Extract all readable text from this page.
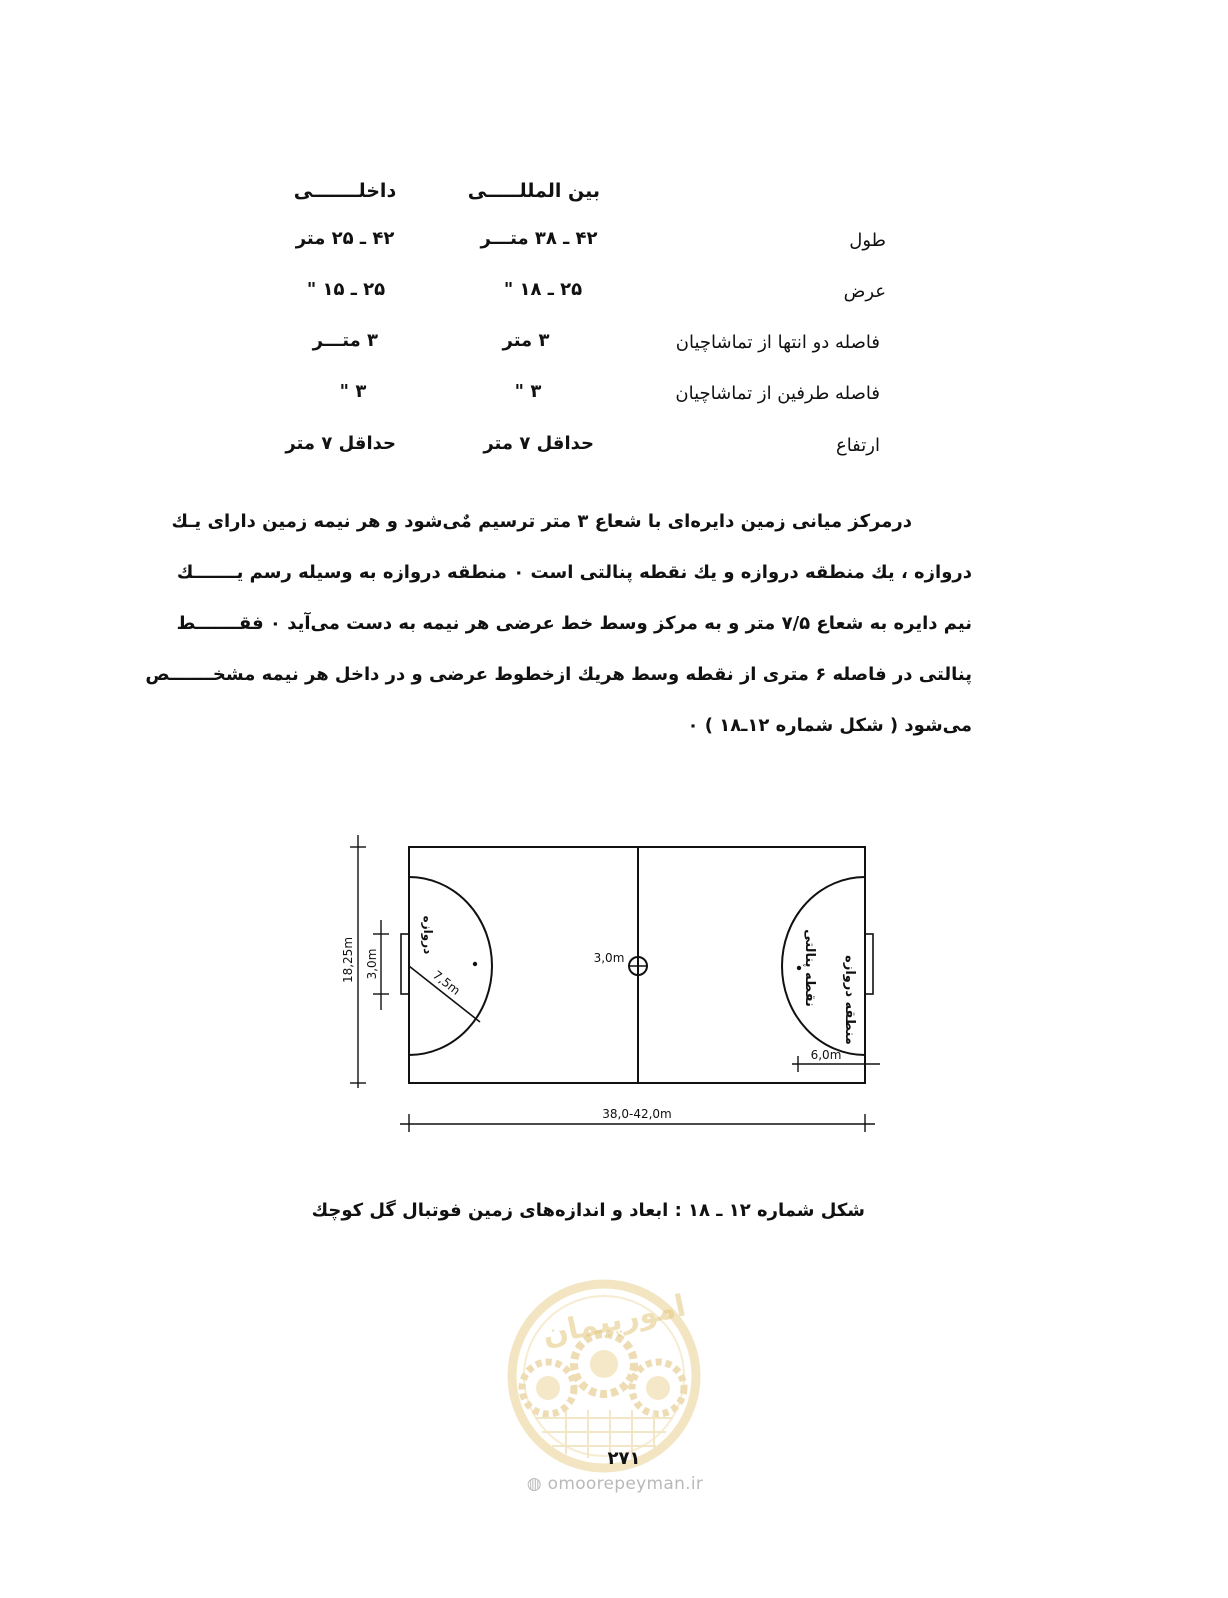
بین المللـــــی
داخلـــــــی
طول
۴۲ ـ ۳۸ متـــر
۴۲ ـ ۲۵ متر
عرض
۲۵ ـ ۱۸ "
۲۵ ـ ۱۵ "
فاصله دو انتها از تماشاچیان
۳ متر
۳ متـــر
فاصله طرفین از تماشاچیان
۳ "
۳ "
ارتفاع
حداقل ۷ متر
حداقل ۷ متر
درمرکز میانی زمین دایره‌ای با شعاع ۳ متر ترسیم مٌی‌شود و هر نیمه زمین دارای یـك
دروازه ، یك منطقه دروازه و یك نقطه پنالتی است ۰ منطقه دروازه به وسیله رسم یـــــــك
نیم دایره به شعاع ۷/۵ متر و به مرکز وسط خط عرضی هر نیمه به دست می‌آید ۰ فقـــــــط
پنالتی در فاصله ۶ متری از نقطه وسط هریك ازخطوط عرضی و در داخل هر نیمه مشخـــــــص
می‌شود ( شکل شماره ۱۲ـ۱۸ ) ۰
18,25m 3,0m
7,5m
3,0m
6,0m
38,0-42,0m
دروازه	نقطه پنالتی منطقه دروازه
شکل شماره ۱۲ ـ ۱۸ : ابعاد و اندازه‌های زمین فوتبال گل کوچك
امورپیمان
۲۷۱
◍ omoorepeyman.ir
